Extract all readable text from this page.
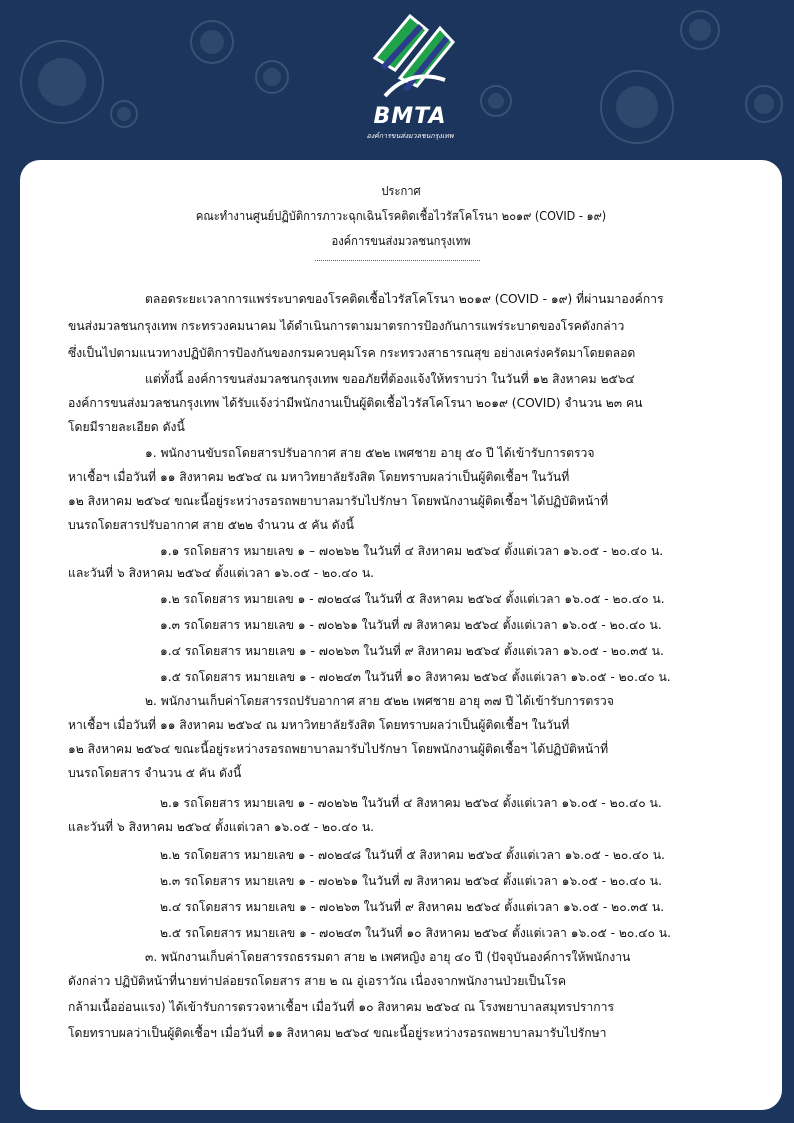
BMTA
องค์การขนส่งมวลชนกรุงเทพ
ประกาศ
คณะทำงานศูนย์ปฏิบัติการภาวะฉุกเฉินโรคติดเชื้อไวรัสโคโรนา ๒๐๑๙ (COVID - ๑๙)
องค์การขนส่งมวลชนกรุงเทพ
ตลอดระยะเวลาการแพร่ระบาดของโรคติดเชื้อไวรัสโคโรนา ๒๐๑๙ (COVID - ๑๙) ที่ผ่านมาองค์การ
ขนส่งมวลชนกรุงเทพ กระทรวงคมนาคม ได้ดำเนินการตามมาตรการป้องกันการแพร่ระบาดของโรคดังกล่าว
ซึ่งเป็นไปตามแนวทางปฏิบัติการป้องกันของกรมควบคุมโรค กระทรวงสาธารณสุข อย่างเคร่งครัดมาโดยตลอด
แต่ทั้งนี้ องค์การขนส่งมวลชนกรุงเทพ ขออภัยที่ต้องแจ้งให้ทราบว่า ในวันที่ ๑๒ สิงหาคม ๒๕๖๔
องค์การขนส่งมวลชนกรุงเทพ ได้รับแจ้งว่ามีพนักงานเป็นผู้ติดเชื้อไวรัสโคโรนา ๒๐๑๙ (COVID) จำนวน ๒๓ คน
โดยมีรายละเอียด ดังนี้
๑. พนักงานขับรถโดยสารปรับอากาศ สาย ๕๒๒ เพศชาย อายุ ๕๐ ปี ได้เข้ารับการตรวจ
หาเชื้อฯ เมื่อวันที่ ๑๑ สิงหาคม ๒๕๖๔ ณ มหาวิทยาลัยรังสิต โดยทราบผลว่าเป็นผู้ติดเชื้อฯ ในวันที่
๑๒ สิงหาคม ๒๕๖๔ ขณะนี้อยู่ระหว่างรอรถพยาบาลมารับไปรักษา โดยพนักงานผู้ติดเชื้อฯ ได้ปฏิบัติหน้าที่
บนรถโดยสารปรับอากาศ สาย ๕๒๒ จำนวน ๕ คัน ดังนี้
๑.๑ รถโดยสาร หมายเลข ๑ – ๗๐๒๖๒ ในวันที่ ๔ สิงหาคม ๒๕๖๔ ตั้งแต่เวลา ๑๖.๐๕ - ๒๐.๔๐ น.
และวันที่ ๖ สิงหาคม ๒๕๖๔ ตั้งแต่เวลา ๑๖.๐๕ - ๒๐.๔๐ น.
๑.๒ รถโดยสาร หมายเลข ๑ - ๗๐๒๔๘ ในวันที่ ๕ สิงหาคม ๒๕๖๔ ตั้งแต่เวลา ๑๖.๐๕ - ๒๐.๔๐ น.
๑.๓ รถโดยสาร หมายเลข ๑ - ๗๐๒๖๑ ในวันที่ ๗ สิงหาคม ๒๕๖๔ ตั้งแต่เวลา ๑๖.๐๕ - ๒๐.๔๐ น.
๑.๔ รถโดยสาร หมายเลข ๑ - ๗๐๒๖๓ ในวันที่ ๙ สิงหาคม ๒๕๖๔ ตั้งแต่เวลา ๑๖.๐๕ - ๒๐.๓๕ น.
๑.๕ รถโดยสาร หมายเลข ๑ - ๗๐๒๔๓ ในวันที่ ๑๐ สิงหาคม ๒๕๖๔ ตั้งแต่เวลา ๑๖.๐๕ - ๒๐.๔๐ น.
๒. พนักงานเก็บค่าโดยสารรถปรับอากาศ สาย ๕๒๒ เพศชาย อายุ ๓๗ ปี ได้เข้ารับการตรวจ
หาเชื้อฯ เมื่อวันที่ ๑๑ สิงหาคม ๒๕๖๔ ณ มหาวิทยาลัยรังสิต โดยทราบผลว่าเป็นผู้ติดเชื้อฯ ในวันที่
๑๒ สิงหาคม ๒๕๖๔ ขณะนี้อยู่ระหว่างรอรถพยาบาลมารับไปรักษา โดยพนักงานผู้ติดเชื้อฯ ได้ปฏิบัติหน้าที่
บนรถโดยสาร จำนวน ๕ คัน ดังนี้
๒.๑ รถโดยสาร หมายเลข ๑ - ๗๐๒๖๒ ในวันที่ ๔ สิงหาคม ๒๕๖๔ ตั้งแต่เวลา ๑๖.๐๕ - ๒๐.๔๐ น.
และวันที่ ๖ สิงหาคม ๒๕๖๔ ตั้งแต่เวลา ๑๖.๐๕ - ๒๐.๔๐ น.
๒.๒ รถโดยสาร หมายเลข ๑ - ๗๐๒๔๘ ในวันที่ ๕ สิงหาคม ๒๕๖๔ ตั้งแต่เวลา ๑๖.๐๕ - ๒๐.๔๐ น.
๒.๓ รถโดยสาร หมายเลข ๑ - ๗๐๒๖๑ ในวันที่ ๗ สิงหาคม ๒๕๖๔ ตั้งแต่เวลา ๑๖.๐๕ - ๒๐.๔๐ น.
๒.๔ รถโดยสาร หมายเลข ๑ - ๗๐๒๖๓ ในวันที่ ๙ สิงหาคม ๒๕๖๔ ตั้งแต่เวลา ๑๖.๐๕ - ๒๐.๓๕ น.
๒.๕ รถโดยสาร หมายเลข ๑ - ๗๐๒๔๓ ในวันที่ ๑๐ สิงหาคม ๒๕๖๔ ตั้งแต่เวลา ๑๖.๐๕ - ๒๐.๔๐ น.
๓. พนักงานเก็บค่าโดยสารรถธรรมดา สาย ๒ เพศหญิง อายุ ๔๐ ปี (ปัจจุบันองค์การให้พนักงาน
ดังกล่าว ปฏิบัติหน้าที่นายท่าปล่อยรถโดยสาร สาย ๒ ณ อู่เอราวัณ เนื่องจากพนักงานป่วยเป็นโรค
กล้ามเนื้ออ่อนแรง) ได้เข้ารับการตรวจหาเชื้อฯ เมื่อวันที่ ๑๐ สิงหาคม ๒๕๖๔ ณ โรงพยาบาลสมุทรปราการ
โดยทราบผลว่าเป็นผู้ติดเชื้อฯ เมื่อวันที่ ๑๑ สิงหาคม ๒๕๖๔ ขณะนี้อยู่ระหว่างรอรถพยาบาลมารับไปรักษา
